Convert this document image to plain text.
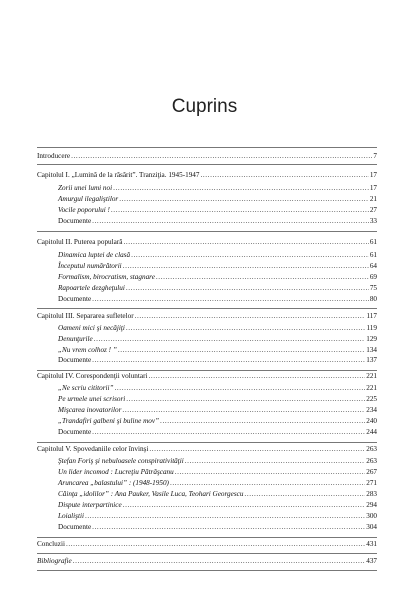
Cuprins
Introducere .....	7
Capitolul I. „Lumină de la răsărit”. Tranziţia. 1945-1947 .....	17
Zorii unei lumi noi .....	17
Amurgul ilegaliştilor .....	21
Vocile poporului ! .....	27
Documente .....	33
Capitolul II. Puterea populară .....	61
Dinamica luptei de clasă .....	61
Începutul numărătorii .....	64
Formalism, birocratism, stagnare .....	69
Rapoartele dezgheţului .....	75
Documente .....	80
Capitolul III. Separarea sufletelor .....	117
Oameni mici şi necăjiţi .....	119
Denunţurile .....	129
„Nu vrem colhoz ! ” .....	134
Documente .....	137
Capitolul IV. Corespondenţii voluntari .....	221
„Ne scriu cititorii” .....	221
Pe urmele unei scrisori .....	225
Mişcarea inovatorilor .....	234
„Trandafiri galbeni şi buline mov” .....	240
Documente .....	244
Capitolul V. Spovedaniile celor învinşi .....	263
Ştefan Foriş şi nebuloasele conspirativităţii .....	263
Un lider incomod : Lucreţiu Pătrăşcanu .....	267
Aruncarea „balastului” : (1948-1950) .....	271
Căinţa „idolilor” : Ana Pauker, Vasile Luca, Teohari Georgescu .....	283
Dispute interpartinice .....	294
Loialiştii .....	300
Documente .....	304
Concluzii .....	431
Bibliografie .....	437
